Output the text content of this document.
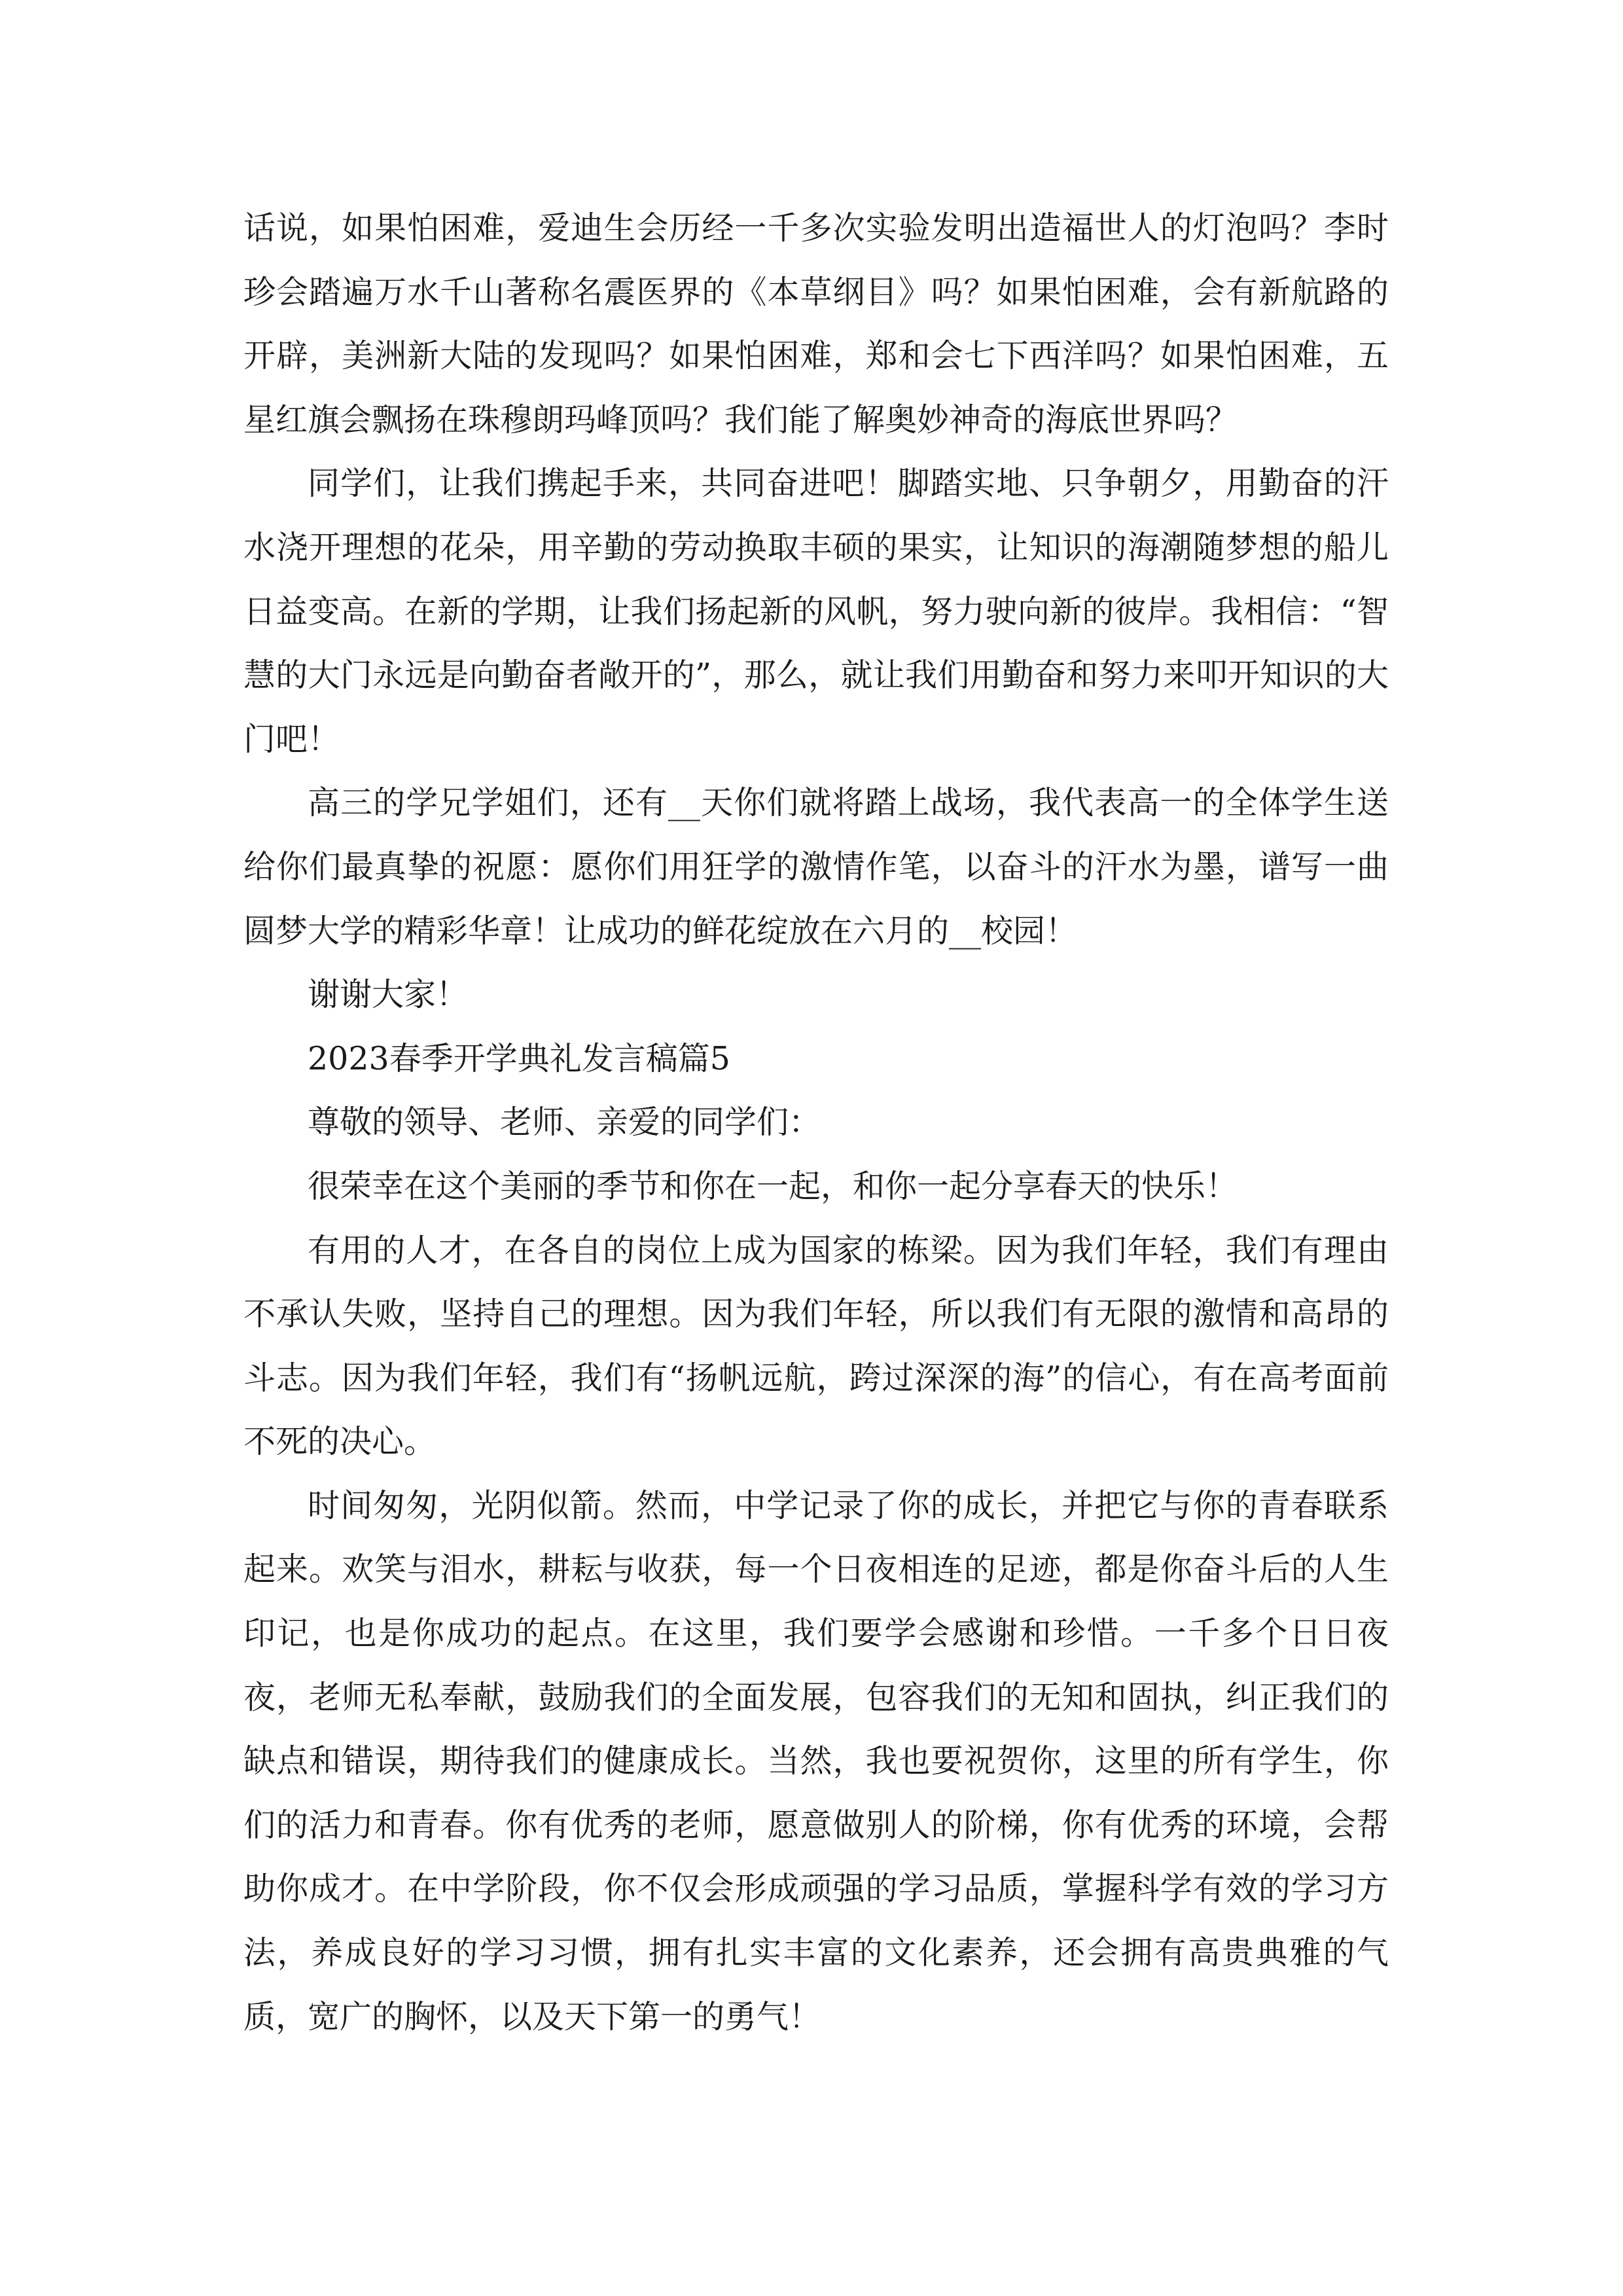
话说，如果怕困难，爱迪生会历经一千多次实验发明出造福世人的灯泡吗？李时珍会踏遍万水千山著称名震医界的《本草纲目》吗？如果怕困难，会有新航路的开辟，美洲新大陆的发现吗？如果怕困难，郑和会七下西洋吗？如果怕困难，五星红旗会飘扬在珠穆朗玛峰顶吗？我们能了解奥妙神奇的海底世界吗？

同学们，让我们携起手来，共同奋进吧！脚踏实地、只争朝夕，用勤奋的汗水浇开理想的花朵，用辛勤的劳动换取丰硕的果实，让知识的海潮随梦想的船儿日益变高。在新的学期，让我们扬起新的风帆，努力驶向新的彼岸。我相信：“智慧的大门永远是向勤奋者敞开的”，那么，就让我们用勤奋和努力来叩开知识的大门吧！

高三的学兄学姐们，还有__天你们就将踏上战场，我代表高一的全体学生送给你们最真挚的祝愿：愿你们用狂学的激情作笔，以奋斗的汗水为墨，谱写一曲圆梦大学的精彩华章！让成功的鲜花绽放在六月的__校园！

谢谢大家！

2023春季开学典礼发言稿篇5

尊敬的领导、老师、亲爱的同学们：

很荣幸在这个美丽的季节和你在一起，和你一起分享春天的快乐！

有用的人才，在各自的岗位上成为国家的栋梁。因为我们年轻，我们有理由不承认失败，坚持自己的理想。因为我们年轻，所以我们有无限的激情和高昂的斗志。因为我们年轻，我们有“扬帆远航，跨过深深的海”的信心，有在高考面前不死的决心。

时间匆匆，光阴似箭。然而，中学记录了你的成长，并把它与你的青春联系起来。欢笑与泪水，耕耘与收获，每一个日夜相连的足迹，都是你奋斗后的人生印记，也是你成功的起点。在这里，我们要学会感谢和珍惜。一千多个日日夜夜，老师无私奉献，鼓励我们的全面发展，包容我们的无知和固执，纠正我们的缺点和错误，期待我们的健康成长。当然，我也要祝贺你，这里的所有学生，你们的活力和青春。你有优秀的老师，愿意做别人的阶梯，你有优秀的环境，会帮助你成才。在中学阶段，你不仅会形成顽强的学习品质，掌握科学有效的学习方法，养成良好的学习习惯，拥有扎实丰富的文化素养，还会拥有高贵典雅的气质，宽广的胸怀，以及天下第一的勇气！
